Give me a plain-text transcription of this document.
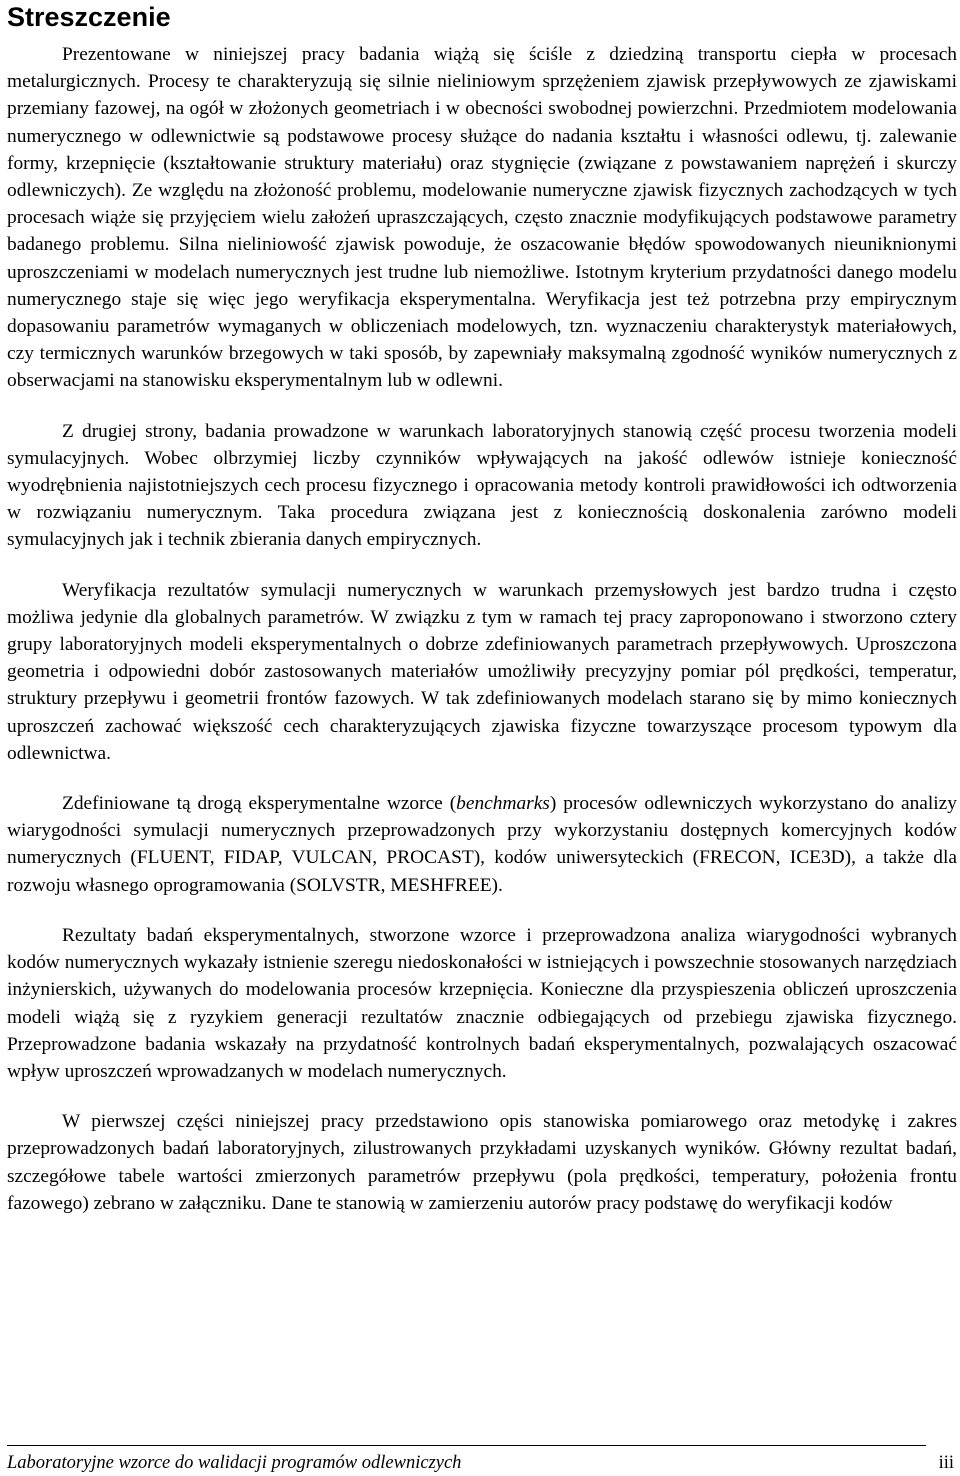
Streszczenie

Prezentowane w niniejszej pracy badania wiążą się ściśle z dziedziną transportu ciepła w procesach metalurgicznych. Procesy te charakteryzują się silnie nieliniowym sprzężeniem zjawisk przepływowych ze zjawiskami przemiany fazowej, na ogół w złożonych geometriach i w obecności swobodnej powierzchni. Przedmiotem modelowania numerycznego w odlewnictwie są podstawowe procesy służące do nadania kształtu i własności odlewu, tj. zalewanie formy, krzepnięcie (kształtowanie struktury materiału) oraz stygnięcie (związane z powstawaniem naprężeń i skurczy odlewniczych). Ze względu na złożoność problemu, modelowanie numeryczne zjawisk fizycznych zachodzących w tych procesach wiąże się przyjęciem wielu założeń upraszczających, często znacznie modyfikujących podstawowe parametry badanego problemu. Silna nieliniowość zjawisk powoduje, że oszacowanie błędów spowodowanych nieuniknionymi uproszczeniami w modelach numerycznych jest trudne lub niemożliwe. Istotnym kryterium przydatności danego modelu numerycznego staje się więc jego weryfikacja eksperymentalna. Weryfikacja jest też potrzebna przy empirycznym dopasowaniu parametrów wymaganych w obliczeniach modelowych, tzn. wyznaczeniu charakterystyk materiałowych, czy termicznych warunków brzegowych w taki sposób, by zapewniały maksymalną zgodność wyników numerycznych z obserwacjami na stanowisku eksperymentalnym lub w odlewni.

Z drugiej strony, badania prowadzone w warunkach laboratoryjnych stanowią część procesu tworzenia modeli symulacyjnych. Wobec olbrzymiej liczby czynników wpływających na jakość odlewów istnieje konieczność wyodrębnienia najistotniejszych cech procesu fizycznego i opracowania metody kontroli prawidłowości ich odtworzenia w rozwiązaniu numerycznym. Taka procedura związana jest z koniecznością doskonalenia zarówno modeli symulacyjnych jak i technik zbierania danych empirycznych.

Weryfikacja rezultatów symulacji numerycznych w warunkach przemysłowych jest bardzo trudna i często możliwa jedynie dla globalnych parametrów. W związku z tym w ramach tej pracy zaproponowano i stworzono cztery grupy laboratoryjnych modeli eksperymentalnych o dobrze zdefiniowanych parametrach przepływowych. Uproszczona geometria i odpowiedni dobór zastosowanych materiałów umożliwiły precyzyjny pomiar pól prędkości, temperatur, struktury przepływu i geometrii frontów fazowych. W tak zdefiniowanych modelach starano się by mimo koniecznych uproszczeń zachować większość cech charakteryzujących zjawiska fizyczne towarzyszące procesom typowym dla odlewnictwa.

Zdefiniowane tą drogą eksperymentalne wzorce (benchmarks) procesów odlewniczych wykorzystano do analizy wiarygodności symulacji numerycznych przeprowadzonych przy wykorzystaniu dostępnych komercyjnych kodów numerycznych (FLUENT, FIDAP, VULCAN, PROCAST), kodów uniwersyteckich (FRECON, ICE3D), a także dla rozwoju własnego oprogramowania (SOLVSTR, MESHFREE).

Rezultaty badań eksperymentalnych, stworzone wzorce i przeprowadzona analiza wiarygodności wybranych kodów numerycznych wykazały istnienie szeregu niedoskonałości w istniejących i powszechnie stosowanych narzędziach inżynierskich, używanych do modelowania procesów krzepnięcia. Konieczne dla przyspieszenia obliczeń uproszczenia modeli wiążą się z ryzykiem generacji rezultatów znacznie odbiegających od przebiegu zjawiska fizycznego. Przeprowadzone badania wskazały na przydatność kontrolnych badań eksperymentalnych, pozwalających oszacować wpływ uproszczeń wprowadzanych w modelach numerycznych.

W pierwszej części niniejszej pracy przedstawiono opis stanowiska pomiarowego oraz metodykę i zakres przeprowadzonych badań laboratoryjnych, zilustrowanych przykładami uzyskanych wyników. Główny rezultat badań, szczegółowe tabele wartości zmierzonych parametrów przepływu (pola prędkości, temperatury, położenia frontu fazowego) zebrano w załączniku. Dane te stanowią w zamierzeniu autorów pracy podstawę do weryfikacji kodów

Laboratoryjne wzorce do walidacji programów odlewniczych	iii
